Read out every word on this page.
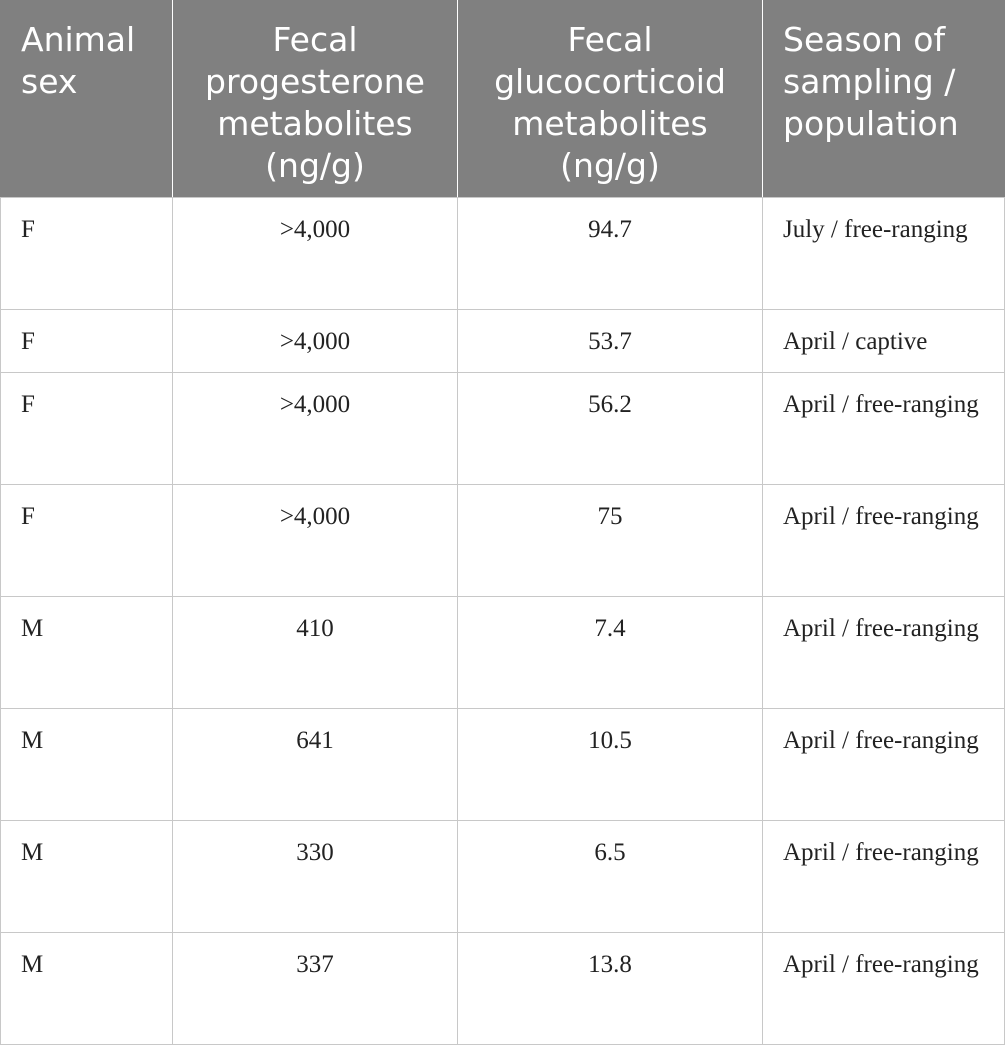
Animal sex	Fecal progesterone metabolites (ng/g)	Fecal glucocorticoid metabolites (ng/g)	Season of sampling / population
F	>4,000	94.7	July / free-ranging
F	>4,000	53.7	April / captive
F	>4,000	56.2	April / free-ranging
F	>4,000	75	April / free-ranging
M	410	7.4	April / free-ranging
M	641	10.5	April / free-ranging
M	330	6.5	April / free-ranging
M	337	13.8	April / free-ranging
